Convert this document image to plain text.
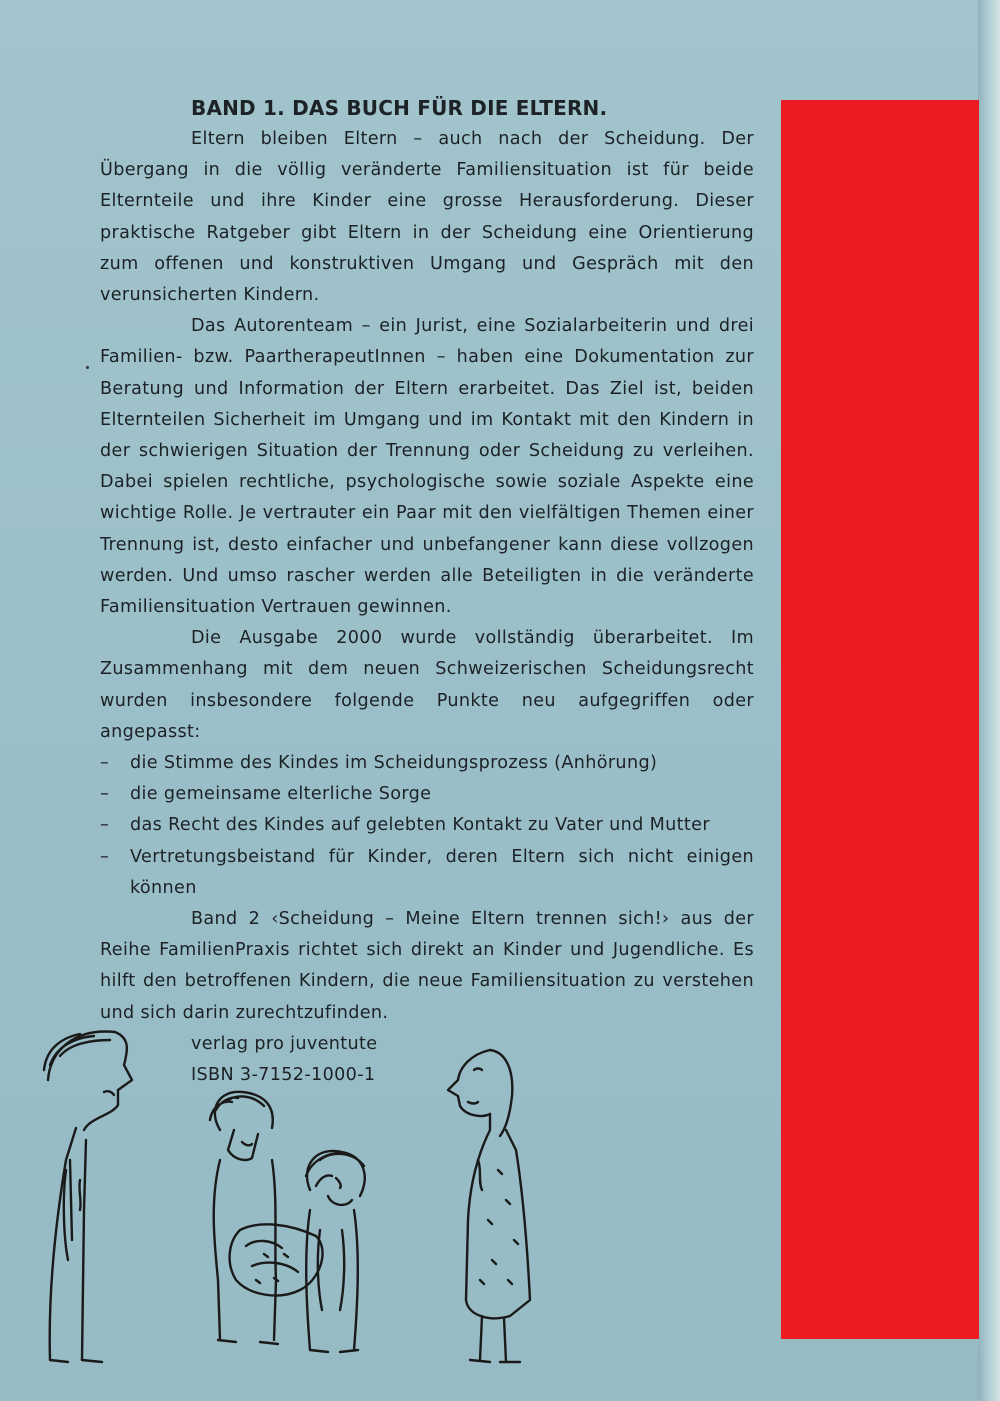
BAND 1. DAS BUCH FÜR DIE ELTERN.

Eltern bleiben Eltern – auch nach der Scheidung. Der Übergang in die völlig veränderte Familiensituation ist für beide Elternteile und ihre Kinder eine grosse Herausforderung. Dieser praktische Ratgeber gibt Eltern in der Scheidung eine Orientierung zum offenen und konstruktiven Umgang und Gespräch mit den verunsicherten Kindern.

Das Autorenteam – ein Jurist, eine Sozialarbeiterin und drei Familien- bzw. PaartherapeutInnen – haben eine Dokumentation zur Beratung und Information der Eltern erarbeitet. Das Ziel ist, beiden Elternteilen Sicherheit im Umgang und im Kontakt mit den Kindern in der schwierigen Situation der Trennung oder Scheidung zu verleihen. Dabei spielen rechtliche, psychologische sowie soziale Aspekte eine wichtige Rolle. Je vertrauter ein Paar mit den vielfältigen Themen einer Trennung ist, desto einfacher und unbefangener kann diese vollzogen werden. Und umso rascher werden alle Beteiligten in die veränderte Familiensituation Vertrauen gewinnen.

Die Ausgabe 2000 wurde vollständig überarbeitet. Im Zusammenhang mit dem neuen Schweizerischen Scheidungsrecht wurden insbesondere folgende Punkte neu aufgegriffen oder angepasst:

– die Stimme des Kindes im Scheidungsprozess (Anhörung)
– die gemeinsame elterliche Sorge
– das Recht des Kindes auf gelebten Kontakt zu Vater und Mutter
– Vertretungsbeistand für Kinder, deren Eltern sich nicht einigen können

Band 2 ‹Scheidung – Meine Eltern trennen sich!› aus der Reihe FamilienPraxis richtet sich direkt an Kinder und Jugendliche. Es hilft den betroffenen Kindern, die neue Familiensituation zu verstehen und sich darin zurechtzufinden.

verlag pro juventute

ISBN 3-7152-1000-1
